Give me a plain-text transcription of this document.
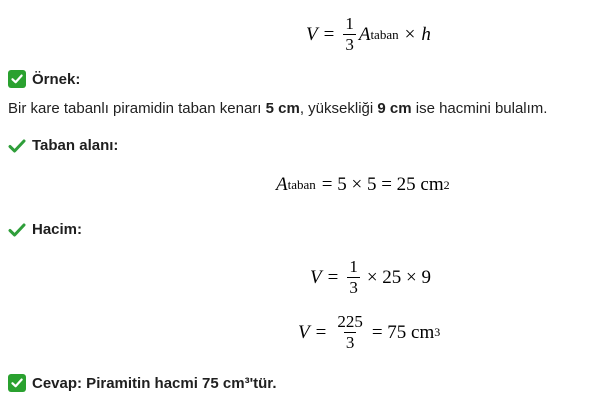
$V = \frac{1}{3}$ A taban × h
Örnek:
Bir kare tabanlı piramidin taban kenarı 5 cm, yüksekliği 9 cm ise hacmini bulalım.
Taban alanı:
A taban = 5 × 5 = 25 cm 2
Hacim:
$V = \frac{1}{3} \times 25 \times 9$
$V = \frac{225}{3} = 75$ cm 3
Cevap: Piramitin hacmi 75 cm³'tür.
